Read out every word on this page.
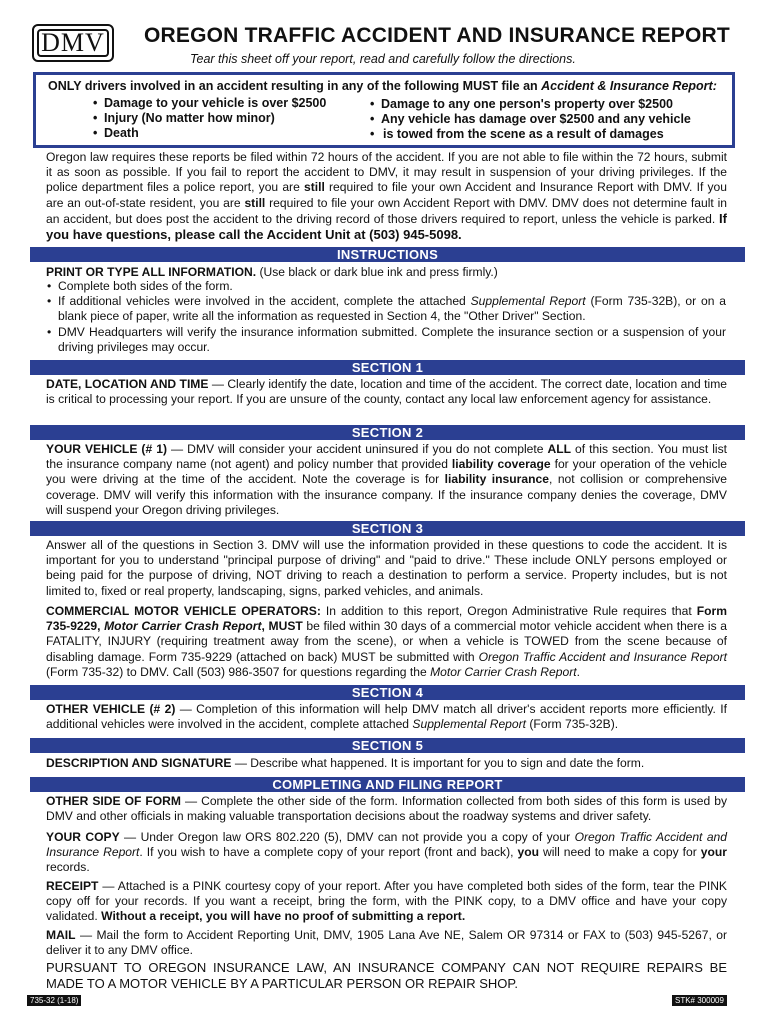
DMV OREGON TRAFFIC ACCIDENT AND INSURANCE REPORT
Tear this sheet off your report, read and carefully follow the directions.
ONLY drivers involved in an accident resulting in any of the following MUST file an Accident & Insurance Report:
• Damage to your vehicle is over $2500
• Injury (No matter how minor)
• Death
• Damage to any one person's property over $2500
• Any vehicle has damage over $2500 and any vehicle
• is towed from the scene as a result of damages
Oregon law requires these reports be filed within 72 hours of the accident. If you are not able to file within the 72 hours, submit it as soon as possible. If you fail to report the accident to DMV, it may result in suspension of your driving privileges. If the police department files a police report, you are still required to file your own Accident and Insurance Report with DMV. If you are an out-of-state resident, you are still required to file your own Accident Report with DMV. DMV does not determine fault in an accident, but does post the accident to the driving record of those drivers required to report, unless the vehicle is parked. If you have questions, please call the Accident Unit at (503) 945-5098.
INSTRUCTIONS
PRINT OR TYPE ALL INFORMATION. (Use black or dark blue ink and press firmly.)
• Complete both sides of the form.
• If additional vehicles were involved in the accident, complete the attached Supplemental Report (Form 735-32B), or on a blank piece of paper, write all the information as requested in Section 4, the "Other Driver" Section.
• DMV Headquarters will verify the insurance information submitted. Complete the insurance section or a suspension of your driving privileges may occur.
SECTION 1
DATE, LOCATION AND TIME — Clearly identify the date, location and time of the accident. The correct date, location and time is critical to processing your report. If you are unsure of the county, contact any local law enforcement agency for assistance.
SECTION 2
YOUR VEHICLE (# 1) — DMV will consider your accident uninsured if you do not complete ALL of this section. You must list the insurance company name (not agent) and policy number that provided liability coverage for your operation of the vehicle you were driving at the time of the accident. Note the coverage is for liability insurance, not collision or comprehensive coverage. DMV will verify this information with the insurance company. If the insurance company denies the coverage, DMV will suspend your Oregon driving privileges.
SECTION 3
Answer all of the questions in Section 3. DMV will use the information provided in these questions to code the accident. It is important for you to understand "principal purpose of driving" and "paid to drive." These include ONLY persons employed or being paid for the purpose of driving, NOT driving to reach a destination to perform a service. Property includes, but is not limited to, fixed or real property, landscaping, signs, parked vehicles, and animals.
COMMERCIAL MOTOR VEHICLE OPERATORS: In addition to this report, Oregon Administrative Rule requires that Form 735-9229, Motor Carrier Crash Report, MUST be filed within 30 days of a commercial motor vehicle accident when there is a FATALITY, INJURY (requiring treatment away from the scene), or when a vehicle is TOWED from the scene because of disabling damage. Form 735-9229 (attached on back) MUST be submitted with Oregon Traffic Accident and Insurance Report (Form 735-32) to DMV. Call (503) 986-3507 for questions regarding the Motor Carrier Crash Report.
SECTION 4
OTHER VEHICLE (# 2) — Completion of this information will help DMV match all driver's accident reports more efficiently. If additional vehicles were involved in the accident, complete attached Supplemental Report (Form 735-32B).
SECTION 5
DESCRIPTION AND SIGNATURE — Describe what happened. It is important for you to sign and date the form.
COMPLETING AND FILING REPORT
OTHER SIDE OF FORM — Complete the other side of the form. Information collected from both sides of this form is used by DMV and other officials in making valuable transportation decisions about the roadway systems and driver safety.
YOUR COPY — Under Oregon law ORS 802.220 (5), DMV can not provide you a copy of your Oregon Traffic Accident and Insurance Report. If you wish to have a complete copy of your report (front and back), you will need to make a copy for your records.
RECEIPT — Attached is a PINK courtesy copy of your report. After you have completed both sides of the form, tear the PINK copy off for your records. If you want a receipt, bring the form, with the PINK copy, to a DMV office and have your copy validated. Without a receipt, you will have no proof of submitting a report.
MAIL — Mail the form to Accident Reporting Unit, DMV, 1905 Lana Ave NE, Salem OR 97314 or FAX to (503) 945-5267, or deliver it to any DMV office.
PURSUANT TO OREGON INSURANCE LAW, AN INSURANCE COMPANY CAN NOT REQUIRE REPAIRS BE MADE TO A MOTOR VEHICLE BY A PARTICULAR PERSON OR REPAIR SHOP.
735-32 (1-18)	STK# 300009
